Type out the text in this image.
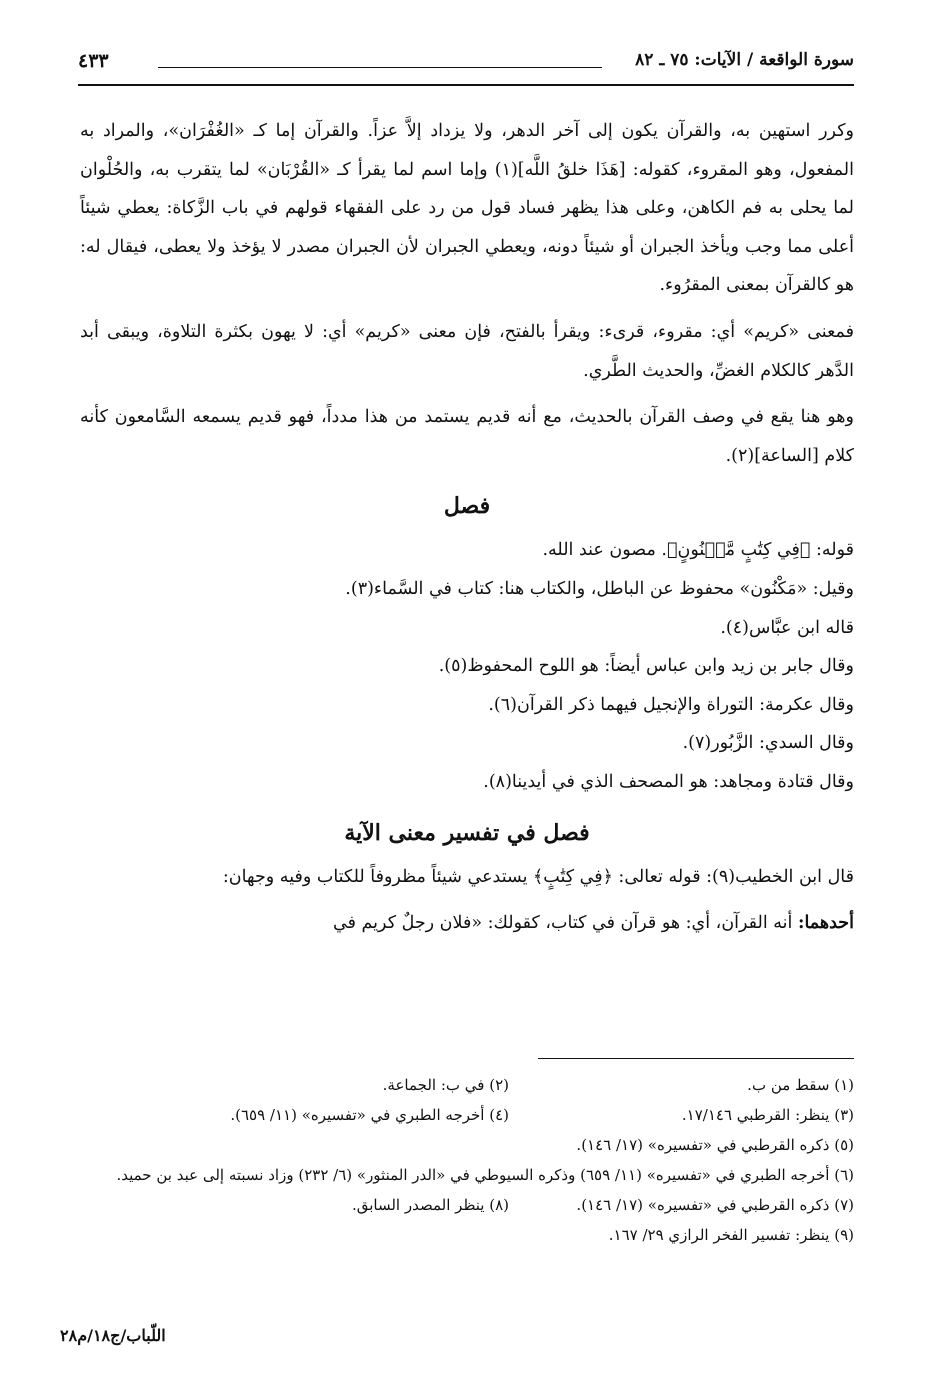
سورة الواقعة / الآيات: ٧٥ ـ ٨٢
٤٣٣

وكرر استهين به، والقرآن يكون إلى آخر الدهر، ولا يزداد إلاَّ عزاً. والقرآن إما كـ «الغُفْرَان»، والمراد به المفعول، وهو المقروء، كقوله: [هَذَا خلقُ اللَّه](١) وإما اسم لما يقرأ كـ «القُرْبَان» لما يتقرب به، والحُلْوان لما يحلى به فم الكاهن، وعلى هذا يظهر فساد قول من رد على الفقهاء قولهم في باب الزَّكاة: يعطي شيئاً أعلى مما وجب ويأخذ الجبران أو شيئاً دونه، ويعطي الجبران لأن الجبران مصدر لا يؤخذ ولا يعطى، فيقال له: هو كالقرآن بمعنى المقرُوء.

فمعنى «كريم» أي: مقروء، قرىء: ويقرأ بالفتح، فإن معنى «كريم» أي: لا يهون بكثرة التلاوة، ويبقى أبد الدَّهر كالكلام الغضِّ، والحديث الطَّري.

وهو هنا يقع في وصف القرآن بالحديث، مع أنه قديم يستمد من هذا مدداً، فهو قديم يسمعه السَّامعون كأنه كلام [الساعة](٢).

فصل

قوله: ﴿فِي كِتَٰبٍ مَّكۡنُونٍ﴾. مصون عند الله.

وقيل: «مَكْنُون» محفوظ عن الباطل، والكتاب هنا: كتاب في السَّماء(٣).

قاله ابن عبَّاس(٤).

وقال جابر بن زيد وابن عباس أيضاً: هو اللوح المحفوظ(٥).

وقال عكرمة: التوراة والإنجيل فيهما ذكر القرآن(٦).

وقال السدي: الزَّبُور(٧).

وقال قتادة ومجاهد: هو المصحف الذي في أيدينا(٨).

فصل في تفسير معنى الآية

قال ابن الخطيب(٩): قوله تعالى: ﴿فِي كِتَٰبٍ﴾ يستدعي شيئاً مظروفاً للكتاب وفيه وجهان:

أحدهما: أنه القرآن، أي: هو قرآن في كتاب، كقولك: «فلان رجلٌ كريم في

(١) سقط من ب.
(٢) في ب: الجماعة.
(٣) ينظر: القرطبي ١٧/١٤٦.
(٤) أخرجه الطبري في «تفسيره» (١١/ ٦٥٩).
(٥) ذكره القرطبي في «تفسيره» (١٧/ ١٤٦).
(٦) أخرجه الطبري في «تفسيره» (١١/ ٦٥٩) وذكره السيوطي في «الدر المنثور» (٦/ ٢٣٢) وزاد نسبته إلى عبد بن حميد.
(٧) ذكره القرطبي في «تفسيره» (١٧/ ١٤٦).
(٨) ينظر المصدر السابق.
(٩) ينظر: تفسير الفخر الرازي ٢٩/ ١٦٧.
اللّباب/ج١٨/م٢٨
